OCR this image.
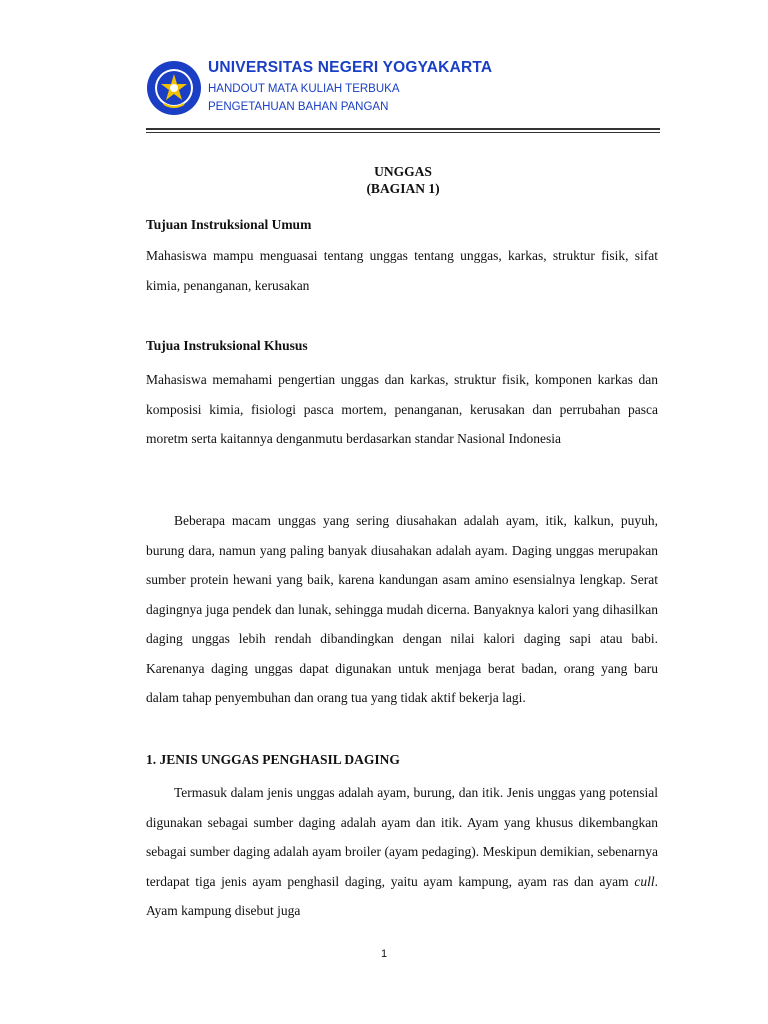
UNIVERSITAS NEGERI YOGYAKARTA
HANDOUT MATA KULIAH TERBUKA
PENGETAHUAN BAHAN PANGAN
UNGGAS
(BAGIAN 1)
Tujuan Instruksional Umum

Mahasiswa mampu menguasai tentang unggas tentang unggas, karkas, struktur fisik, sifat kimia, penanganan, kerusakan

Tujua Instruksional Khusus

Mahasiswa memahami pengertian unggas dan karkas, struktur fisik, komponen karkas dan komposisi kimia, fisiologi pasca mortem, penanganan, kerusakan dan perrubahan pasca moretm serta kaitannya denganmutu berdasarkan standar Nasional Indonesia

Beberapa macam unggas yang sering diusahakan adalah ayam, itik, kalkun, puyuh, burung dara, namun yang paling banyak diusahakan adalah ayam. Daging unggas merupakan sumber protein hewani yang baik, karena kandungan asam amino esensialnya lengkap. Serat dagingnya juga pendek dan lunak, sehingga mudah dicerna. Banyaknya kalori yang dihasilkan daging unggas lebih rendah dibandingkan dengan nilai kalori daging sapi atau babi. Karenanya daging unggas dapat digunakan untuk menjaga berat badan, orang yang baru dalam tahap penyembuhan dan orang tua yang tidak aktif bekerja lagi.

1. JENIS UNGGAS PENGHASIL DAGING

Termasuk dalam jenis unggas adalah ayam, burung, dan itik. Jenis unggas yang potensial digunakan sebagai sumber daging adalah ayam dan itik. Ayam yang khusus dikembangkan sebagai sumber daging adalah ayam broiler (ayam pedaging). Meskipun demikian, sebenarnya terdapat tiga jenis ayam penghasil daging, yaitu ayam kampung, ayam ras dan ayam cull. Ayam kampung disebut juga

1
